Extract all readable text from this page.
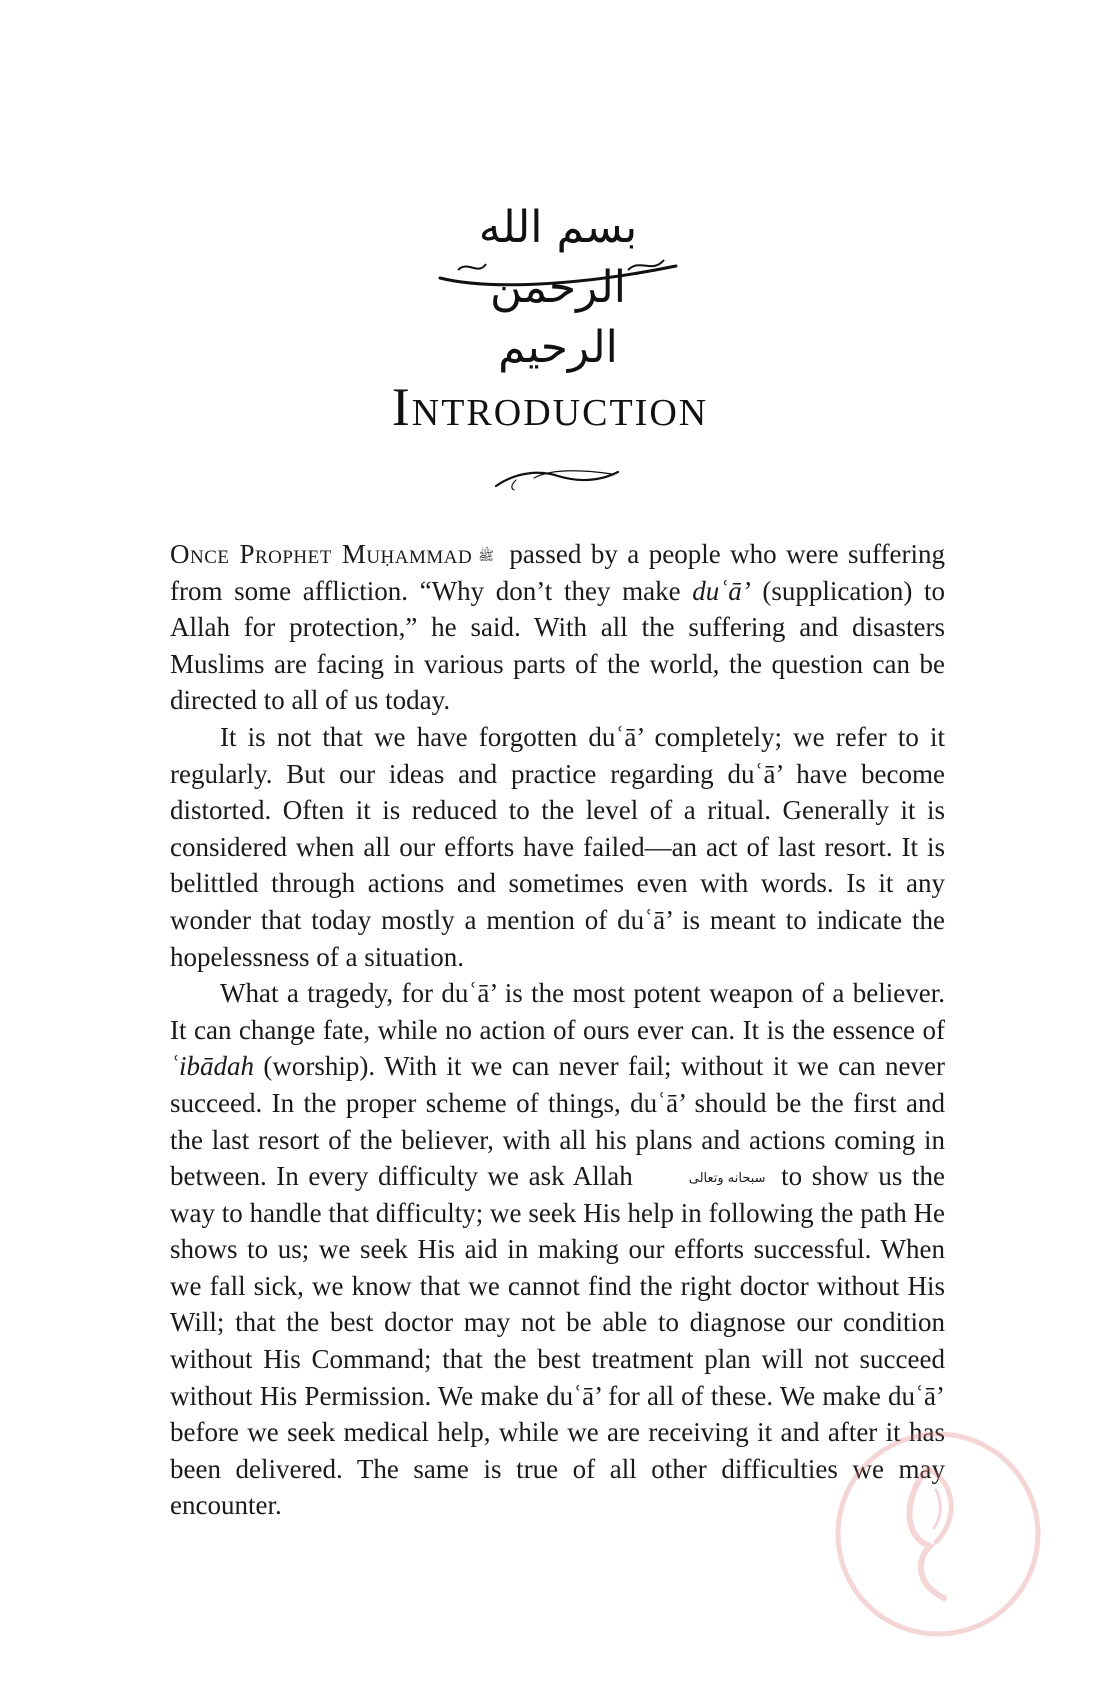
بسم الله الرحمن الرحيم
Introduction

Once Prophet Muḥammad ﷺ passed by a people who were suffering from some affliction. “Why don’t they make duʿā’ (supplication) to Allah for protection,” he said. With all the suffering and disasters Muslims are facing in various parts of the world, the question can be directed to all of us today.

It is not that we have forgotten duʿā’ completely; we refer to it regularly. But our ideas and practice regarding duʿā’ have become distorted. Often it is reduced to the level of a ritual. Generally it is considered when all our efforts have failed—an act of last resort. It is belittled through actions and sometimes even with words. Is it any wonder that today mostly a mention of duʿā’ is meant to indicate the hopelessness of a situation.

What a tragedy, for duʿā’ is the most potent weapon of a believer. It can change fate, while no action of ours ever can. It is the essence of ʿibādah (worship). With it we can never fail; without it we can never succeed. In the proper scheme of things, duʿā’ should be the first and the last resort of the believer, with all his plans and actions coming in between. In every difficulty we ask Allah	سبحانه وتعالى to show us the way to handle that difficulty; we seek His help in following the path He shows to us; we seek His aid in making our efforts successful. When we fall sick, we know that we cannot find the right doctor without His Will; that the best doctor may not be able to diagnose our condition without His Command; that the best treatment plan will not succeed without His Permission. We make duʿā’ for all of these. We make duʿā’ before we seek medical help, while we are receiving it and after it has been delivered. The same is true of all other difficulties we may encounter.
